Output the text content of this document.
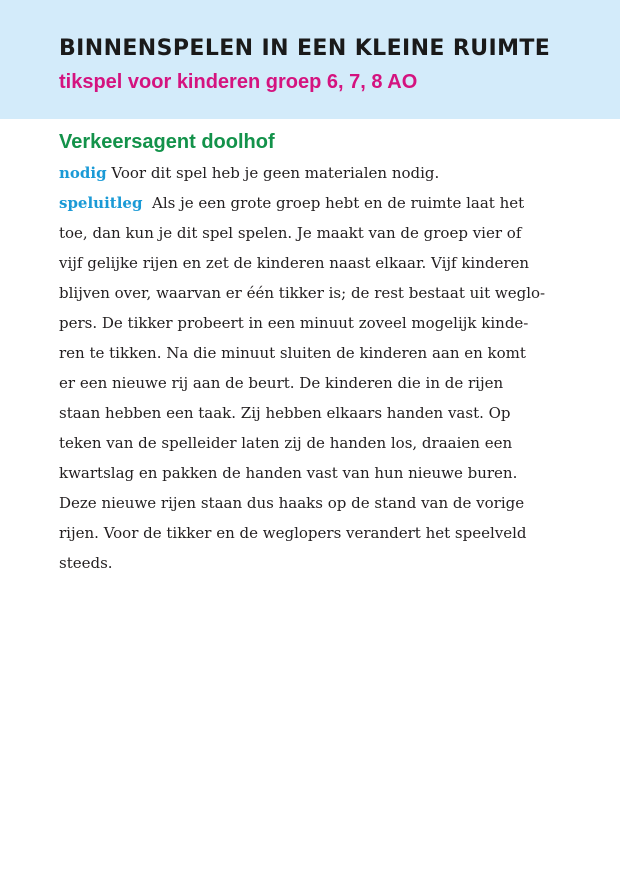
BINNENSPELEN IN EEN KLEINE RUIMTE
tikspel voor kinderen groep 6, 7, 8 AO
Verkeersagent doolhof
nodig Voor dit spel heb je geen materialen nodig.
speluitleg Als je een grote groep hebt en de ruimte laat het
toe, dan kun je dit spel spelen. Je maakt van de groep vier of
vijf gelijke rijen en zet de kinderen naast elkaar. Vijf kinderen
blijven over, waarvan er één tikker is; de rest bestaat uit weglo-
pers. De tikker probeert in een minuut zoveel mogelijk kinde-
ren te tikken. Na die minuut sluiten de kinderen aan en komt
er een nieuwe rij aan de beurt. De kinderen die in de rijen
staan hebben een taak. Zij hebben elkaars handen vast. Op
teken van de spelleider laten zij de handen los, draaien een
kwartslag en pakken de handen vast van hun nieuwe buren.
Deze nieuwe rijen staan dus haaks op de stand van de vorige
rijen. Voor de tikker en de weglopers verandert het speelveld
steeds.
